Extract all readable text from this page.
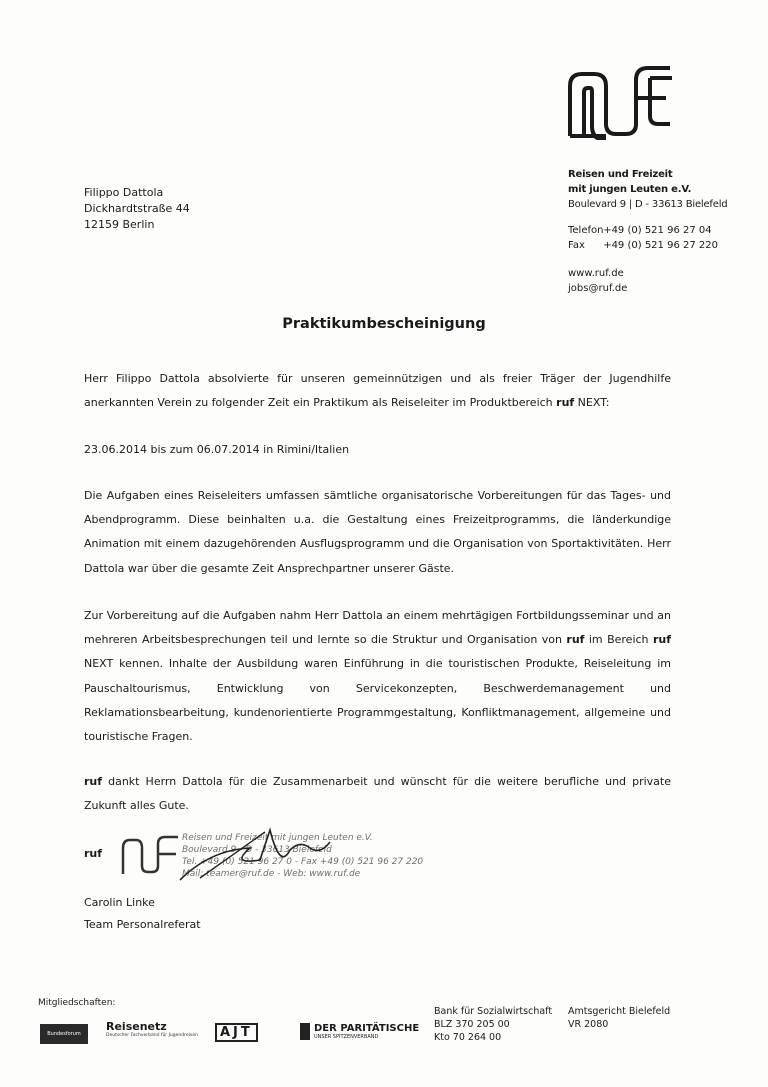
Reisen und Freizeit
mit jungen Leuten e.V.
Boulevard 9 | D - 33613 Bielefeld
Telefon +49 (0) 521 96 27 04
Fax +49 (0) 521 96 27 220
www.ruf.de
jobs@ruf.de
Filippo Dattola
Dickhardtstraße 44
12159 Berlin
Praktikumbescheinigung

Herr Filippo Dattola absolvierte für unseren gemeinnützigen und als freier Träger der Jugendhilfe anerkannten Verein zu folgender Zeit ein Praktikum als Reiseleiter im Produktbereich ruf NEXT:

23.06.2014 bis zum 06.07.2014 in Rimini/Italien
Die Aufgaben eines Reiseleiters umfassen sämtliche organisatorische Vorbereitungen für das Tages- und Abendprogramm. Diese beinhalten u.a. die Gestaltung eines Freizeitprogramms, die länderkundige Animation mit einem dazugehörenden Ausflugsprogramm und die Organisation von Sportaktivitäten. Herr Dattola war über die gesamte Zeit Ansprechpartner unserer Gäste.

Zur Vorbereitung auf die Aufgaben nahm Herr Dattola an einem mehrtägigen Fortbildungsseminar und an mehreren Arbeitsbesprechungen teil und lernte so die Struktur und Organisation von ruf im Bereich ruf NEXT kennen. Inhalte der Ausbildung waren Einführung in die touristischen Produkte, Reiseleitung im Pauschaltourismus, Entwicklung von Servicekonzepten, Beschwerdemanagement und Reklamationsbearbeitung, kundenorientierte Programmgestaltung, Konfliktmanagement, allgemeine und touristische Fragen.

ruf dankt Herrn Dattola für die Zusammenarbeit und wünscht für die weitere berufliche und private Zukunft alles Gute.

ruf
Reisen und Freizeit mit jungen Leuten e.V.
Boulevard 9 - D - 33613 Bielefeld
Tel. +49 (0) 521 96 27 0 - Fax +49 (0) 521 96 27 220
Mail: teamer@ruf.de - Web: www.ruf.de
Carolin Linke
Team Personalreferat
Mitgliedschaften:
Bundesforum
Reisenetz
Deutscher Fachverband für Jugendreisen	AJT	DER PARITÄTISCHE
UNSER SPITZENVERBAND
Bank für Sozialwirtschaft
BLZ 370 205 00
Kto 70 264 00
Amtsgericht Bielefeld
VR 2080
